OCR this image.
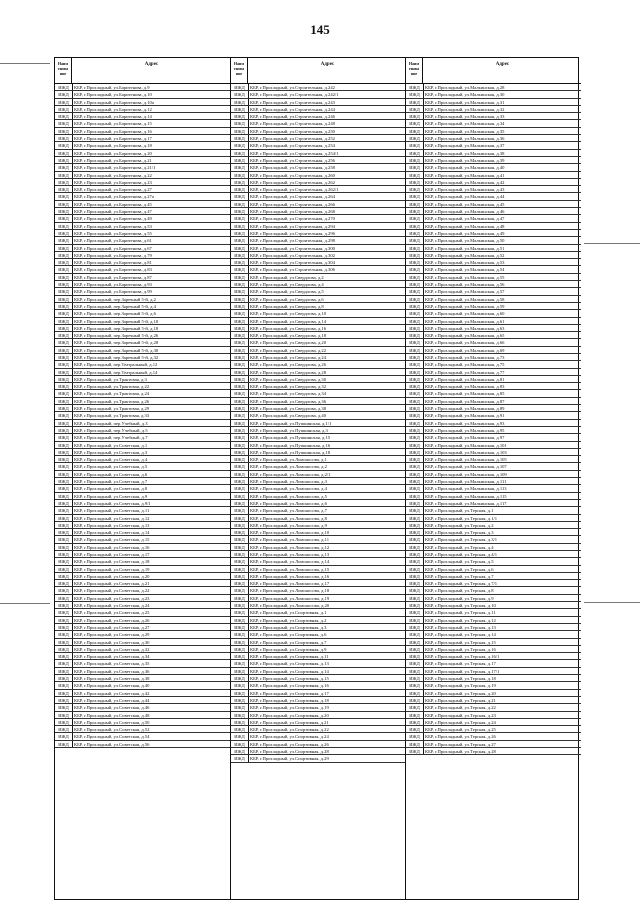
145
Наим енова ние
Адрес
ИЖД	КБР, г.Прохладный, ул.Баритенова, д.9
ИЖД	КБР, г.Прохладный, ул.Баритенова, д.10
ИЖД	КБР, г.Прохладный, ул.Баритенова, д.10а
ИЖД	КБР, г.Прохладный, ул.Баритенова, д.12
ИЖД	КБР, г.Прохладный, ул.Баритенова, д.14
ИЖД	КБР, г.Прохладный, ул.Баритенова, д.15
ИЖД	КБР, г.Прохладный, ул.Баритенова, д.16
ИЖД	КБР, г.Прохладный, ул.Баритенова, д.17
ИЖД	КБР, г.Прохладный, ул.Баритенова, д.18
ИЖД	КБР, г.Прохладный, ул.Баритенова, д.20
ИЖД	КБР, г.Прохладный, ул.Баритенова, д.21
ИЖД	КБР, г.Прохладный, ул.Баритенова, д.21/1
ИЖД	КБР, г.Прохладный, ул.Баритенова, д.22
ИЖД	КБР, г.Прохладный, ул.Баритенова, д.23
ИЖД	КБР, г.Прохладный, ул.Баритенова, д.27
ИЖД	КБР, г.Прохладный, ул.Баритенова, д.27а
ИЖД	КБР, г.Прохладный, ул.Баритенова, д.45
ИЖД	КБР, г.Прохладный, ул.Баритенова, д.47
ИЖД	КБР, г.Прохладный, ул.Баритенова, д.49
ИЖД	КБР, г.Прохладный, ул.Баритенова, д.53
ИЖД	КБР, г.Прохладный, ул.Баритенова, д.55
ИЖД	КБР, г.Прохладный, ул.Баритенова, д.61
ИЖД	КБР, г.Прохладный, ул.Баритенова, д.67
ИЖД	КБР, г.Прохладный, ул.Баритенова, д.79
ИЖД	КБР, г.Прохладный, ул.Баритенова, д.81
ИЖД	КБР, г.Прохладный, ул.Баритенова, д.83
ИЖД	КБР, г.Прохладный, ул.Баритенова, д.87
ИЖД	КБР, г.Прохладный, ул.Баритенова, д.93
ИЖД	КБР, г.Прохладный, ул.Баритенова, д.99
ИЖД	КБР, г.Прохладный, пер.Заречный 5-й, д.2
ИЖД	КБР, г.Прохладный, пер.Заречный 5-й, д.4
ИЖД	КБР, г.Прохладный, пер.Заречный 5-й, д.6
ИЖД	КБР, г.Прохладный, пер.Заречный 5-й, д.10
ИЖД	КБР, г.Прохладный, пер.Заречный 5-й, д.18
ИЖД	КБР, г.Прохладный, пер.Заречный 5-й, д.26
ИЖД	КБР, г.Прохладный, пер.Заречный 5-й, д.28
ИЖД	КБР, г.Прохладный, пер.Заречный 5-й, д.30
ИЖД	КБР, г.Прохладный, пер.Заречный 5-й, д.32
ИЖД	КБР, г.Прохладный, пер.Театральный, д.12
ИЖД	КБР, г.Прохладный, пер.Театральный, д.14
ИЖД	КБР, г.Прохладный, ул.Трактовая, д.3
ИЖД	КБР, г.Прохладный, ул.Трактовая, д.22
ИЖД	КБР, г.Прохладный, ул.Трактовая, д.24
ИЖД	КБР, г.Прохладный, ул.Трактовая, д.26
ИЖД	КБР, г.Прохладный, ул.Трактовая, д.29
ИЖД	КБР, г.Прохладный, ул.Трактовая, д.33
ИЖД	КБР, г.Прохладный, пер.Учебный, д.3
ИЖД	КБР, г.Прохладный, пер.Учебный, д.5
ИЖД	КБР, г.Прохладный, пер.Учебный, д.7
ИЖД	КБР, г.Прохладный, ул.Советская, д.1
ИЖД	КБР, г.Прохладный, ул.Советская, д.3
ИЖД	КБР, г.Прохладный, ул.Советская, д.4
ИЖД	КБР, г.Прохладный, ул.Советская, д.5
ИЖД	КБР, г.Прохладный, ул.Советская, д.6
ИЖД	КБР, г.Прохладный, ул.Советская, д.7
ИЖД	КБР, г.Прохладный, ул.Советская, д.8
ИЖД	КБР, г.Прохладный, ул.Советская, д.9
ИЖД	КБР, г.Прохладный, ул.Советская, д.9/1
ИЖД	КБР, г.Прохладный, ул.Советская, д.11
ИЖД	КБР, г.Прохладный, ул.Советская, д.12
ИЖД	КБР, г.Прохладный, ул.Советская, д.13
ИЖД	КБР, г.Прохладный, ул.Советская, д.14
ИЖД	КБР, г.Прохладный, ул.Советская, д.15
ИЖД	КБР, г.Прохладный, ул.Советская, д.16
ИЖД	КБР, г.Прохладный, ул.Советская, д.17
ИЖД	КБР, г.Прохладный, ул.Советская, д.18
ИЖД	КБР, г.Прохладный, ул.Советская, д.19
ИЖД	КБР, г.Прохладный, ул.Советская, д.20
ИЖД	КБР, г.Прохладный, ул.Советская, д.21
ИЖД	КБР, г.Прохладный, ул.Советская, д.22
ИЖД	КБР, г.Прохладный, ул.Советская, д.23
ИЖД	КБР, г.Прохладный, ул.Советская, д.24
ИЖД	КБР, г.Прохладный, ул.Советская, д.25
ИЖД	КБР, г.Прохладный, ул.Советская, д.26
ИЖД	КБР, г.Прохладный, ул.Советская, д.27
ИЖД	КБР, г.Прохладный, ул.Советская, д.29
ИЖД	КБР, г.Прохладный, ул.Советская, д.30
ИЖД	КБР, г.Прохладный, ул.Советская, д.32
ИЖД	КБР, г.Прохладный, ул.Советская, д.34
ИЖД	КБР, г.Прохладный, ул.Советская, д.35
ИЖД	КБР, г.Прохладный, ул.Советская, д.36
ИЖД	КБР, г.Прохладный, ул.Советская, д.38
ИЖД	КБР, г.Прохладный, ул.Советская, д.40
ИЖД	КБР, г.Прохладный, ул.Советская, д.42
ИЖД	КБР, г.Прохладный, ул.Советская, д.44
ИЖД	КБР, г.Прохладный, ул.Советская, д.46
ИЖД	КБР, г.Прохладный, ул.Советская, д.48
ИЖД	КБР, г.Прохладный, ул.Советская, д.50
ИЖД	КБР, г.Прохладный, ул.Советская, д.52
ИЖД	КБР, г.Прохладный, ул.Советская, д.54
ИЖД	КБР, г.Прохладный, ул.Советская, д.56
Наим енова ние
Адрес
ИЖД	КБР, г.Прохладный, ул.Строительная, д.242
ИЖД	КБР, г.Прохладный, ул.Строительная, д.242/1
ИЖД	КБР, г.Прохладный, ул.Строительная, д.243
ИЖД	КБР, г.Прохладный, ул.Строительная, д.244
ИЖД	КБР, г.Прохладный, ул.Строительная, д.246
ИЖД	КБР, г.Прохладный, ул.Строительная, д.248
ИЖД	КБР, г.Прохладный, ул.Строительная, д.250
ИЖД	КБР, г.Прохладный, ул.Строительная, д.252
ИЖД	КБР, г.Прохладный, ул.Строительная, д.254
ИЖД	КБР, г.Прохладный, ул.Строительная, д.254/1
ИЖД	КБР, г.Прохладный, ул.Строительная, д.256
ИЖД	КБР, г.Прохладный, ул.Строительная, д.258
ИЖД	КБР, г.Прохладный, ул.Строительная, д.260
ИЖД	КБР, г.Прохладный, ул.Строительная, д.262
ИЖД	КБР, г.Прохладный, ул.Строительная, д.262/1
ИЖД	КБР, г.Прохладный, ул.Строительная, д.264
ИЖД	КБР, г.Прохладный, ул.Строительная, д.266
ИЖД	КБР, г.Прохладный, ул.Строительная, д.268
ИЖД	КБР, г.Прохладный, ул.Строительная, д.270
ИЖД	КБР, г.Прохладный, ул.Строительная, д.294
ИЖД	КБР, г.Прохладный, ул.Строительная, д.296
ИЖД	КБР, г.Прохладный, ул.Строительная, д.298
ИЖД	КБР, г.Прохладный, ул.Строительная, д.300
ИЖД	КБР, г.Прохладный, ул.Строительная, д.302
ИЖД	КБР, г.Прохладный, ул.Строительная, д.304
ИЖД	КБР, г.Прохладный, ул.Строительная, д.306
ИЖД	КБР, г.Прохладный, ул.Свердлова, д.2
ИЖД	КБР, г.Прохладный, ул.Свердлова, д.4
ИЖД	КБР, г.Прохладный, ул.Свердлова, д.5
ИЖД	КБР, г.Прохладный, ул.Свердлова, д.6
ИЖД	КБР, г.Прохладный, ул.Свердлова, д.8
ИЖД	КБР, г.Прохладный, ул.Свердлова, д.10
ИЖД	КБР, г.Прохладный, ул.Свердлова, д.14
ИЖД	КБР, г.Прохладный, ул.Свердлова, д.16
ИЖД	КБР, г.Прохладный, ул.Свердлова, д.18
ИЖД	КБР, г.Прохладный, ул.Свердлова, д.20
ИЖД	КБР, г.Прохладный, ул.Свердлова, д.22
ИЖД	КБР, г.Прохладный, ул.Свердлова, д.24
ИЖД	КБР, г.Прохладный, ул.Свердлова, д.26
ИЖД	КБР, г.Прохладный, ул.Свердлова, д.28
ИЖД	КБР, г.Прохладный, ул.Свердлова, д.30
ИЖД	КБР, г.Прохладный, ул.Свердлова, д.32
ИЖД	КБР, г.Прохладный, ул.Свердлова, д.34
ИЖД	КБР, г.Прохладный, ул.Свердлова, д.36
ИЖД	КБР, г.Прохладный, ул.Свердлова, д.38
ИЖД	КБР, г.Прохладный, ул.Свердлова, д.40
ИЖД	КБР, г.Прохладный, ул.Пушкинская, д.1/1
ИЖД	КБР, г.Прохладный, ул.Пушкинская, д.3
ИЖД	КБР, г.Прохладный, ул.Пушкинская, д.15
ИЖД	КБР, г.Прохладный, ул.Пушкинская, д.16
ИЖД	КБР, г.Прохладный, ул.Пушкинская, д.18
ИЖД	КБР, г.Прохладный, ул.Ломоносова, д.1
ИЖД	КБР, г.Прохладный, ул.Ломоносова, д.2
ИЖД	КБР, г.Прохладный, ул.Ломоносова, д.2/1
ИЖД	КБР, г.Прохладный, ул.Ломоносова, д.3
ИЖД	КБР, г.Прохладный, ул.Ломоносова, д.4
ИЖД	КБР, г.Прохладный, ул.Ломоносова, д.5
ИЖД	КБР, г.Прохладный, ул.Ломоносова, д.6
ИЖД	КБР, г.Прохладный, ул.Ломоносова, д.7
ИЖД	КБР, г.Прохладный, ул.Ломоносова, д.8
ИЖД	КБР, г.Прохладный, ул.Ломоносова, д.9
ИЖД	КБР, г.Прохладный, ул.Ломоносова, д.10
ИЖД	КБР, г.Прохладный, ул.Ломоносова, д.11
ИЖД	КБР, г.Прохладный, ул.Ломоносова, д.12
ИЖД	КБР, г.Прохладный, ул.Ломоносова, д.13
ИЖД	КБР, г.Прохладный, ул.Ломоносова, д.14
ИЖД	КБР, г.Прохладный, ул.Ломоносова, д.15
ИЖД	КБР, г.Прохладный, ул.Ломоносова, д.16
ИЖД	КБР, г.Прохладный, ул.Ломоносова, д.17
ИЖД	КБР, г.Прохладный, ул.Ломоносова, д.18
ИЖД	КБР, г.Прохладный, ул.Ломоносова, д.19
ИЖД	КБР, г.Прохладный, ул.Ломоносова, д.20
ИЖД	КБР, г.Прохладный, ул.Спортивная, д.1
ИЖД	КБР, г.Прохладный, ул.Спортивная, д.2
ИЖД	КБР, г.Прохладный, ул.Спортивная, д.3
ИЖД	КБР, г.Прохладный, ул.Спортивная, д.6
ИЖД	КБР, г.Прохладный, ул.Спортивная, д.7
ИЖД	КБР, г.Прохладный, ул.Спортивная, д.9
ИЖД	КБР, г.Прохладный, ул.Спортивная, д.11
ИЖД	КБР, г.Прохладный, ул.Спортивная, д.13
ИЖД	КБР, г.Прохладный, ул.Спортивная, д.14
ИЖД	КБР, г.Прохладный, ул.Спортивная, д.15
ИЖД	КБР, г.Прохладный, ул.Спортивная, д.16
ИЖД	КБР, г.Прохладный, ул.Спортивная, д.17
ИЖД	КБР, г.Прохладный, ул.Спортивная, д.18
ИЖД	КБР, г.Прохладный, ул.Спортивная, д.19
ИЖД	КБР, г.Прохладный, ул.Спортивная, д.20
ИЖД	КБР, г.Прохладный, ул.Спортивная, д.21
ИЖД	КБР, г.Прохладный, ул.Спортивная, д.22
ИЖД	КБР, г.Прохладный, ул.Спортивная, д.24
ИЖД	КБР, г.Прохладный, ул.Спортивная, д.26
ИЖД	КБР, г.Прохладный, ул.Спортивная, д.28
ИЖД	КБР, г.Прохладный, ул.Спортивная, д.29
Наим енова ние
Адрес
ИЖД	КБР, г.Прохладный, ул.Малкинская, д.28
ИЖД	КБР, г.Прохладный, ул.Малкинская, д.30
ИЖД	КБР, г.Прохладный, ул.Малкинская, д.31
ИЖД	КБР, г.Прохладный, ул.Малкинская, д.32
ИЖД	КБР, г.Прохладный, ул.Малкинская, д.33
ИЖД	КБР, г.Прохладный, ул.Малкинская, д.34
ИЖД	КБР, г.Прохладный, ул.Малкинская, д.35
ИЖД	КБР, г.Прохладный, ул.Малкинская, д.36
ИЖД	КБР, г.Прохладный, ул.Малкинская, д.37
ИЖД	КБР, г.Прохладный, ул.Малкинская, д.38
ИЖД	КБР, г.Прохладный, ул.Малкинская, д.39
ИЖД	КБР, г.Прохладный, ул.Малкинская, д.40
ИЖД	КБР, г.Прохладный, ул.Малкинская, д.41
ИЖД	КБР, г.Прохладный, ул.Малкинская, д.42
ИЖД	КБР, г.Прохладный, ул.Малкинская, д.43
ИЖД	КБР, г.Прохладный, ул.Малкинская, д.44
ИЖД	КБР, г.Прохладный, ул.Малкинская, д.45
ИЖД	КБР, г.Прохладный, ул.Малкинская, д.46
ИЖД	КБР, г.Прохладный, ул.Малкинская, д.47
ИЖД	КБР, г.Прохладный, ул.Малкинская, д.48
ИЖД	КБР, г.Прохладный, ул.Малкинская, д.49
ИЖД	КБР, г.Прохладный, ул.Малкинская, д.50
ИЖД	КБР, г.Прохладный, ул.Малкинская, д.51
ИЖД	КБР, г.Прохладный, ул.Малкинская, д.52
ИЖД	КБР, г.Прохладный, ул.Малкинская, д.53
ИЖД	КБР, г.Прохладный, ул.Малкинская, д.54
ИЖД	КБР, г.Прохладный, ул.Малкинская, д.55
ИЖД	КБР, г.Прохладный, ул.Малкинская, д.56
ИЖД	КБР, г.Прохладный, ул.Малкинская, д.57
ИЖД	КБР, г.Прохладный, ул.Малкинская, д.58
ИЖД	КБР, г.Прохладный, ул.Малкинская, д.59
ИЖД	КБР, г.Прохладный, ул.Малкинская, д.60
ИЖД	КБР, г.Прохладный, ул.Малкинская, д.61
ИЖД	КБР, г.Прохладный, ул.Малкинская, д.63
ИЖД	КБР, г.Прохладный, ул.Малкинская, д.65
ИЖД	КБР, г.Прохладный, ул.Малкинская, д.66
ИЖД	КБР, г.Прохладный, ул.Малкинская, д.69
ИЖД	КБР, г.Прохладный, ул.Малкинская, д.73
ИЖД	КБР, г.Прохладный, ул.Малкинская, д.75
ИЖД	КБР, г.Прохладный, ул.Малкинская, д.77
ИЖД	КБР, г.Прохладный, ул.Малкинская, д.81
ИЖД	КБР, г.Прохладный, ул.Малкинская, д.83
ИЖД	КБР, г.Прохладный, ул.Малкинская, д.85
ИЖД	КБР, г.Прохладный, ул.Малкинская, д.87
ИЖД	КБР, г.Прохладный, ул.Малкинская, д.89
ИЖД	КБР, г.Прохладный, ул.Малкинская, д.91
ИЖД	КБР, г.Прохладный, ул.Малкинская, д.93
ИЖД	КБР, г.Прохладный, ул.Малкинская, д.95
ИЖД	КБР, г.Прохладный, ул.Малкинская, д.97
ИЖД	КБР, г.Прохладный, ул.Малкинская, д.101
ИЖД	КБР, г.Прохладный, ул.Малкинская, д.103
ИЖД	КБР, г.Прохладный, ул.Малкинская, д.105
ИЖД	КБР, г.Прохладный, ул.Малкинская, д.107
ИЖД	КБР, г.Прохладный, ул.Малкинская, д.109
ИЖД	КБР, г.Прохладный, ул.Малкинская, д.111
ИЖД	КБР, г.Прохладный, ул.Малкинская, д.113
ИЖД	КБР, г.Прохладный, ул.Малкинская, д.115
ИЖД	КБР, г.Прохладный, ул.Малкинская, д.117
ИЖД	КБР, г.Прохладный, ул.Терская, д.1
ИЖД	КБР, г.Прохладный, ул.Терская, д.1/1
ИЖД	КБР, г.Прохладный, ул.Терская, д.2
ИЖД	КБР, г.Прохладный, ул.Терская, д.3
ИЖД	КБР, г.Прохладный, ул.Терская, д.3/1
ИЖД	КБР, г.Прохладный, ул.Терская, д.4
ИЖД	КБР, г.Прохладный, ул.Терская, д.4/1
ИЖД	КБР, г.Прохладный, ул.Терская, д.5
ИЖД	КБР, г.Прохладный, ул.Терская, д.6
ИЖД	КБР, г.Прохладный, ул.Терская, д.7
ИЖД	КБР, г.Прохладный, ул.Терская, д.7/1
ИЖД	КБР, г.Прохладный, ул.Терская, д.8
ИЖД	КБР, г.Прохладный, ул.Терская, д.9
ИЖД	КБР, г.Прохладный, ул.Терская, д.10
ИЖД	КБР, г.Прохладный, ул.Терская, д.11
ИЖД	КБР, г.Прохладный, ул.Терская, д.12
ИЖД	КБР, г.Прохладный, ул.Терская, д.13
ИЖД	КБР, г.Прохладный, ул.Терская, д.14
ИЖД	КБР, г.Прохладный, ул.Терская, д.15
ИЖД	КБР, г.Прохладный, ул.Терская, д.16
ИЖД	КБР, г.Прохладный, ул.Терская, д.16/1
ИЖД	КБР, г.Прохладный, ул.Терская, д.17
ИЖД	КБР, г.Прохладный, ул.Терская, д.17/1
ИЖД	КБР, г.Прохладный, ул.Терская, д.18
ИЖД	КБР, г.Прохладный, ул.Терская, д.19
ИЖД	КБР, г.Прохладный, ул.Терская, д.20
ИЖД	КБР, г.Прохладный, ул.Терская, д.21
ИЖД	КБР, г.Прохладный, ул.Терская, д.22
ИЖД	КБР, г.Прохладный, ул.Терская, д.23
ИЖД	КБР, г.Прохладный, ул.Терская, д.24
ИЖД	КБР, г.Прохладный, ул.Терская, д.25
ИЖД	КБР, г.Прохладный, ул.Терская, д.26
ИЖД	КБР, г.Прохладный, ул.Терская, д.27
ИЖД	КБР, г.Прохладный, ул.Терская, д.28
